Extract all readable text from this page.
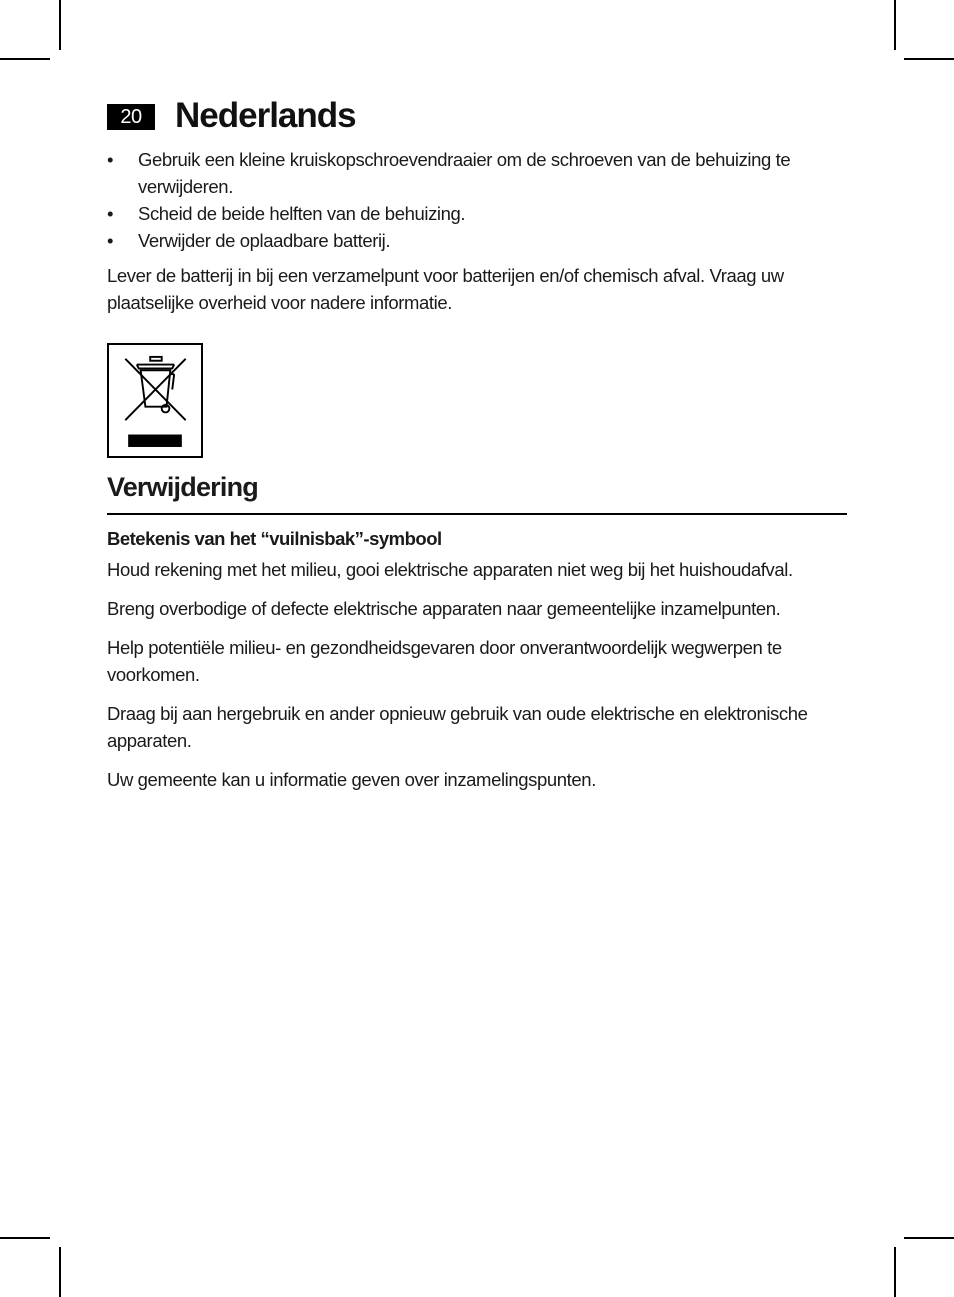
20 Nederlands
• Gebruik een kleine kruiskopschroevendraaier om de schroeven van de behuizing te verwijderen.
• Scheid de beide helften van de behuizing.
• Verwijder de oplaadbare batterij.

Lever de batterij in bij een verzamelpunt voor batterijen en/of chemisch afval. Vraag uw plaatselijke overheid voor nadere informatie.

Verwijdering
Betekenis van het “vuilnisbak”-symbool

Houd rekening met het milieu, gooi elektrische apparaten niet weg bij het huishoudafval.

Breng overbodige of defecte elektrische apparaten naar gemeentelijke inzamelpunten.

Help potentiële milieu- en gezondheidsgevaren door onverantwoordelijk wegwerpen te voorkomen.

Draag bij aan hergebruik en ander opnieuw gebruik van oude elektrische en elektronische apparaten.

Uw gemeente kan u informatie geven over inzamelingspunten.
